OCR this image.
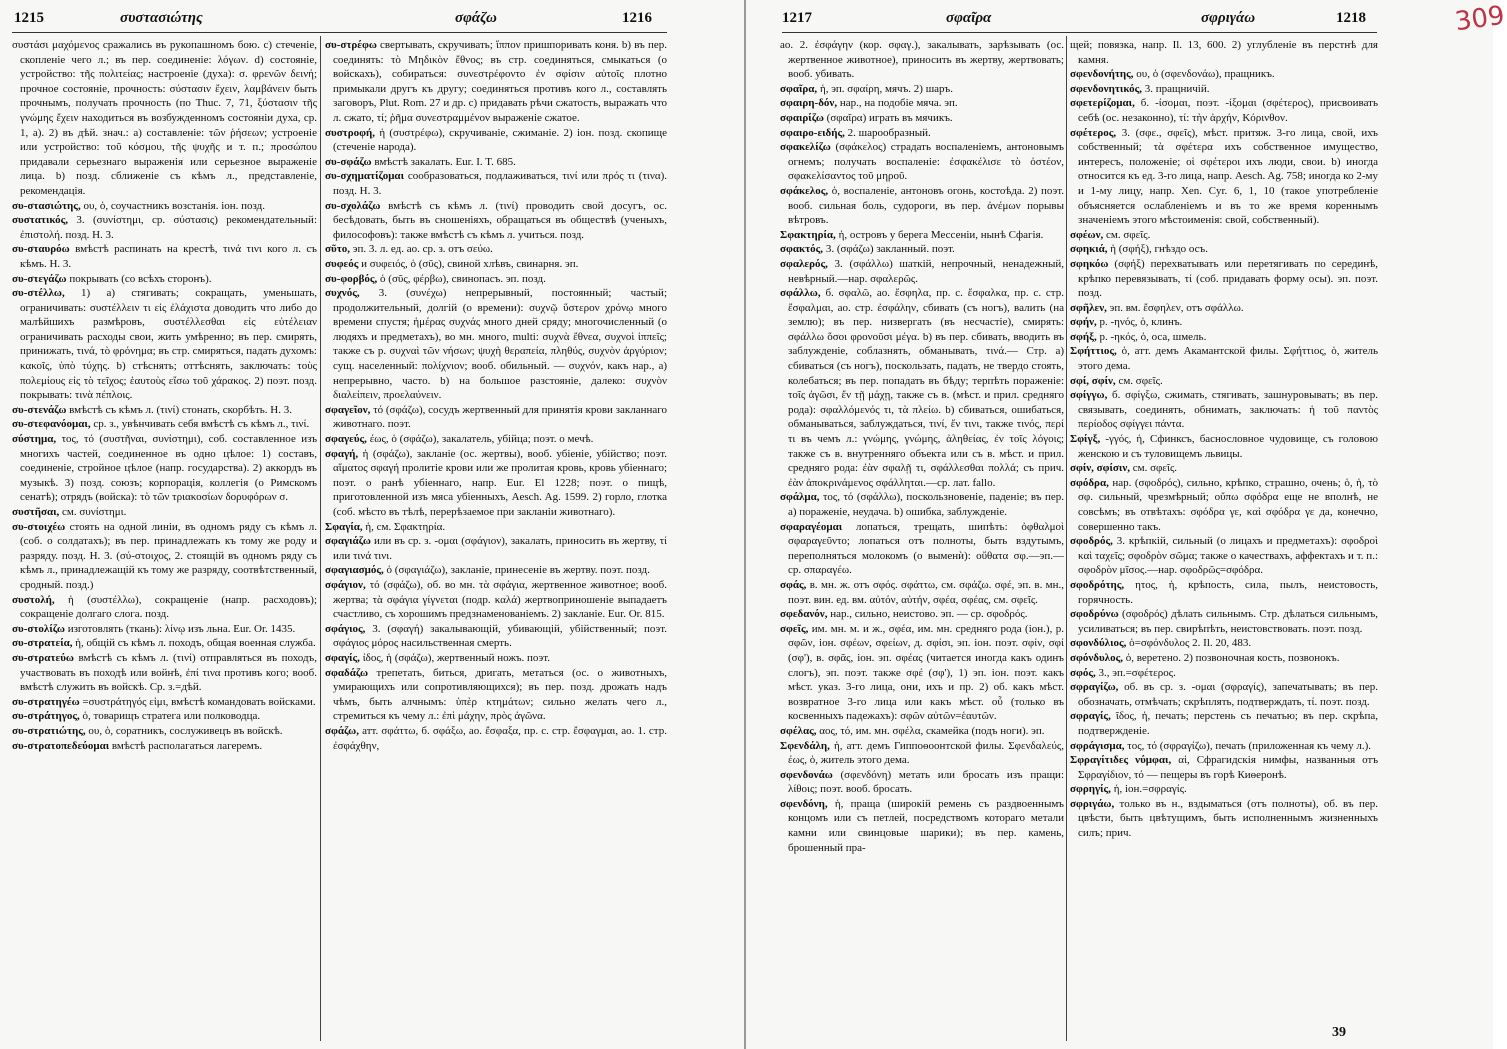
1215	συστασιώτης	σφάζω	1216

συστάσι μαχόμενος сражались въ рукопашномъ бою. c) стеченіе, скопленіе чего л.; въ пер. соединеніе: λόγων. d) состояніе, устройство: τῆς πολιτείας; настроеніе (духа): σ. φρενῶν δεινή; прочное состояніе, прочность: σύστασιν ἔχειν, λαμβάνειν быть прочнымъ, получать прочность (по Thuc. 7, 71, ξύστασιν τῆς γνώμης ἔχειν находиться въ возбужденномъ состояніи духа, ср. 1, a). 2) въ дѣй. знач.: a) составленіе: τῶν ῥήσεων; устроеніе или устройство: τοῦ κόσμου, τῆς ψυχῆς и т. п.; προσώπου придавали серьезнаго выраженія или серьезное выраженіе лица. b) позд. сближеніе съ кѣмъ л., представленіе, рекомендація.

συ-στασιώτης, ου, ὁ, соучастникъ возстанія. іон. позд.

συστατικός, 3. (συνίστημι, ср. σύστασις) рекомендательный: ἐπιστολή. позд. Н. 3.

συ-σταυρόω вмѣстѣ распинать на крестѣ, τινά τινι кого л. съ кѣмъ. Н. 3.

συ-στεγάζω покрывать (со всѣхъ сторонъ).

συ-στέλλω, 1) a) стягивать; сокращать, уменьшать, ограничивать: συστέλλειν τι εἰς ἐλάχιστα доводить что либо до малѣйшихъ размѣровъ, συστέλλεσθαι εἰς εὐτέλειαν ограничивать расходы свои, жить умѣренно; въ пер. смирять, принижать, τινά, τὸ φρόνημα; въ стр. смиряться, падать духомъ: κακοῖς, ὑπὸ τύχης. b) стѣснять; оттѣснять, заключать: τοὺς πολεμίους εἰς τὸ τεῖχος; ἑαυτοὺς εἴσω τοῦ χάρακος. 2) поэт. позд. покрывать: τινὰ πέπλοις.

συ-στενάζω вмѣстѣ съ кѣмъ л. (τινί) стонать, скорбѣть. Н. 3.

συ-στεφανόομαι, ср. з., увѣнчивать себя вмѣстѣ съ кѣмъ л., τινί.

σύστημα, τος, τό (συστῆναι, συνίστημι), соб. составленное изъ многихъ частей, соединенное въ одно цѣлое: 1) составъ, соединеніе, стройное цѣлое (напр. государства). 2) аккордъ въ музыкѣ. 3) позд. союзъ; корпорація, коллегія (о Римскомъ сенатѣ); отрядъ (войска): τὸ τῶν τριακοσίων δορυφόρων σ.

συστῆσαι, см. συνίστημι.

συ-στοιχέω стоять на одной линіи, въ одномъ ряду съ кѣмъ л. (соб. о солдатахъ); въ пер. принадлежать къ тому же роду и разряду. позд. Н. 3. (σύ-στοιχος, 2. стоящій въ одномъ ряду съ кѣмъ л., принадлежащій къ тому же разряду, соотвѣтственный, сродный. позд.)

συστολή, ἡ (συστέλλω), сокращеніе (напр. расходовъ); сокращеніе долгаго слога. позд.

συ-στολίζω изготовлять (ткань): λίνῳ изъ льна. Eur. Or. 1435.

συ-στρατεία, ἡ, общій съ кѣмъ л. походъ, общая военная служба.

συ-στρατεύω вмѣстѣ съ кѣмъ л. (τινί) отправляться въ походъ, участвовать въ походѣ или войнѣ, ἐπί τινα противъ кого; вооб. вмѣстѣ служить въ войскѣ. Ср. з.=дѣй.

συ-στρατηγέω =συστράτηγός εἰμι, вмѣстѣ командовать войсками.

συ-στράτηγος, ὁ, товарищъ стратега или полководца.

συ-στρατιώτης, ου, ὁ, соратникъ, сослуживецъ въ войскѣ.

συ-στρατοπεδεύομαι вмѣстѣ располагаться лагеремъ.

συ-στρέφω свертывать, скручивать; ἵππον пришпоривать коня. b) въ пер. соединять: τὸ Μηδικὸν ἔθνος; въ стр. соединяться, смыкаться (о войскахъ), собираться: συνεστρέφοντο ἐν σφίσιν αὐτοῖς плотно примыкали другъ къ другу; соединяться противъ кого л., составлять заговоръ, Plut. Rom. 27 и др. c) придавать рѣчи сжатость, выражать что л. сжато, τί; ῥῆμα συνεστραμμένον выраженіе сжатое.

συστροφή, ἡ (συστρέφω), скручиваніе, сжиманіе. 2) іон. позд. скопище (стеченіе народа).

συ-σφάζω вмѣстѣ закалать. Eur. I. T. 685.

συ-σχηματίζομαι сообразоваться, подлаживаться, τινί или πρός τι (τινα). позд. Н. 3.

συ-σχολάζω вмѣстѣ съ кѣмъ л. (τινί) проводить свой досугъ, ос. бесѣдовать, быть въ сношеніяхъ, обращаться въ обществѣ (ученыхъ, философовъ): также вмѣстѣ съ кѣмъ л. учиться. позд.

σῦτο, эп. 3. л. ед. ао. ср. з. отъ σεύω.

συφεός и συφειός, ὁ (σῦς), свиной хлѣвъ, свинарня. эп.

συ-φορβός, ὁ (σῦς, φέρβω), свинопасъ. эп. позд.

συχνός, 3. (συνέχω) непрерывный, постоянный; частый; продолжительный, долгій (о времени): συχνῷ ὕστερον χρόνῳ много времени спустя; ἡμέρας συχνάς много дней сряду; многочисленный (о людяхъ и предметахъ), во мн. много, multi: συχνὰ ἔθνεα, συχνοὶ ἱππεῖς; также съ р. συχναὶ τῶν νήσων; ψυχὴ θεραπεία, πληθύς, συχνὸν ἀργύριον; сущ. населенный: πολίχνιον; вооб. обильный. — συχνόν, какъ нар., a) непрерывно, часто. b) на большое разстояніе, далеко: συχνὸν διαλείπειν, προελαύνειν.

σφαγεῖον, τό (σφάζω), сосудъ жертвенный для принятія крови закланнаго животнаго. поэт.

σφαγεύς, έως, ὁ (σφάζω), закалатель, убійца; поэт. о мечѣ.

σφαγή, ἡ (σφάζω), закланіе (ос. жертвы), вооб. убіеніе, убійство; поэт. αἵματος σφαγή пролитіе крови или же пролитая кровь, кровь убіеннаго; поэт. о ранѣ убіеннаго, напр. Eur. El 1228; поэт. о пищѣ, приготовленной изъ мяса убіенныхъ, Aesch. Ag. 1599. 2) горло, глотка (соб. мѣсто въ тѣлѣ, перерѣзаемое при закланіи животнаго).

Σφαγία, ἡ, см. Σφακτηρία.

σφαγιάζω или въ ср. з. -ομαι (σφάγιον), закалать, приносить въ жертву, τί или τινά τινι.

σφαγιασμός, ὁ (σφαγιάζω), закланіе, принесеніе въ жертву. поэт. позд.

σφάγιον, τό (σφάζω), об. во мн. τὰ σφάγια, жертвенное животное; вооб. жертва; τὰ σφάγια γίγνεται (подр. καλά) жертвоприношеніе выпадаетъ счастливо, съ хорошимъ предзнаменованіемъ. 2) закланіе. Eur. Or. 815.

σφάγιος, 3. (σφαγή) закалывающій, убивающій, убійственный; поэт. σφάγιος μόρος насильственная смерть.

σφαγίς, ίδος, ἡ (σφάζω), жертвенный ножъ. поэт.

σφαδάζω трепетать, биться, дригать, метаться (ос. о животныхъ, умирающихъ или сопротивляющихся); въ пер. позд. дрожать надъ чѣмъ, быть алчнымъ: ὑπὲρ κτημάτων; сильно желать чего л., стремиться къ чему л.: ἐπὶ μάχην, πρὸς ἀγῶνα.

σφάζω, атт. σφάττω, б. σφάξω, ао. ἔσφαξα, пр. с. стр. ἔσφαγμαι, ао. 1. стр. ἐσφάχθην,

1217	σφαῖρα	σφριγάω	1218

ао. 2. ἐσφάγην (кор. σφαγ.), закалывать, зарѣзывать (ос. жертвенное животное), приносить въ жертву, жертвовать; вооб. убивать.

σφαῖρα, ἡ, эп. σφαίρη, мячъ. 2) шаръ.

σφαιρη-δόν, нар., на подобіе мяча. эп.

σφαιρίζω (σφαῖρα) играть въ мячикъ.

σφαιρο-ειδής, 2. шарообразный.

σφακελίζω (σφάκελος) страдать воспаленіемъ, антоновымъ огнемъ; получать воспаленіе: ἐσφακέλισε τὸ ὀστέον, σφακελίσαντος τοῦ μηροῦ.

σφάκελος, ὁ, воспаленіе, антоновъ огонь, костоѣда. 2) поэт. вооб. сильная боль, судороги, въ пер. ἀνέμων порывы вѣтровъ.

Σφακτηρία, ἡ, островъ у берега Мессеніи, нынѣ Сфагія.

σφακτός, 3. (σφάζω) закланный. поэт.

σφαλερός, 3. (σφάλλω) шаткій, непрочный, ненадежный, невѣрный.—нар. σφαλερῶς.

σφάλλω, б. σφαλῶ, ао. ἔσφηλα, пр. с. ἔσφαλκα, пр. с. стр. ἔσφαλμαι, ао. стр. ἐσφάλην, сбивать (съ ногъ), валить (на землю); въ пер. низвергать (въ несчастіе), смирять: σφάλλω ὅσοι φρονοῦσι μέγα. b) въ пер. сбивать, вводить въ заблужденіе, соблазнять, обманывать, τινά.— Стр. a) сбиваться (съ ногъ), поскользать, падать, не твердо стоять, колебаться; въ пер. попадать въ бѣду; терпѣть пораженіе: τοῖς ἀγῶσι, ἔν τῇ μάχῃ, также съ в. (мѣст. и прил. средняго рода): σφαλλόμενός τι, τὰ πλείω. b) сбиваться, ошибаться, обманываться, заблуждаться, τινί, ἔν τινι, также τινός, περί τι въ чемъ л.: γνώμης, γνώμης, ἀληθείας, ἐν τοῖς λόγοις; также съ в. внутренняго объекта или съ в. мѣст. и прил. средняго рода: ἐὰν σφαλῇ τι, σφάλλεσθαι πολλά; съ прич. ἐὰν ἀποκρινάμενος σφάλληται.—ср. лат. fallo.

σφάλμα, τος, τό (σφάλλω), поскользновеніе, паденіе; въ пер. a) пораженіе, неудача. b) ошибка, заблужденіе.

σφαραγέομαι лопаться, трещать, шипѣть: ὀφθαλμοὶ σφαραγεῦντο; лопаться отъ полноты, быть вздутымъ, переполняться молокомъ (о выменѝ): οὔθατα σφ.—эп.—ср. σπαραγέω.

σφάς, в. мн. ж. отъ σφός. σφάττω, см. σφάζω. σφέ, эп. в. мн., поэт. вин. ед. вм. αὐτόν, αὐτήν, σφέα, σφέας, см. σφεῖς.

σφεδανόν, нар., сильно, неистово. эп. — ср. σφοδρός.

σφεῖς, им. мн. м. и ж., σφέα, им. мн. средняго рода (іон.), р. σφῶν, іон. σφέων, σφείων, д. σφίσι, эп. іон. поэт. σφίν, σφί (σφ'), в. σφᾶς, іон. эп. σφέας (читается иногда какъ одинъ слогъ), эп. поэт. также σφέ (σφ'), 1) эп. іон. поэт. какъ мѣст. указ. 3-го лица, они, ихъ и пр. 2) об. какъ мѣст. возвратное 3-го лица или какъ мѣст. οὗ (только въ косвенныхъ падежахъ): σφῶν αὐτῶν=ἑαυτῶν.

σφέλας, αος, τό, им. мн. σφέλα, скамейка (подъ ноги). эп.

Σφενδάλη, ἡ, атт. демъ Гиппоѳоонтской филы. Σφενδαλεύς, έως, ὁ, житель этого дема.

σφενδονάω (σφενδόνη) метать или бросать изъ пращи: λίθοις; поэт. вооб. бросать.

σφενδόνη, ἡ, праща (широкій ремень съ раздвоеннымъ концомъ или съ петлей, посредствомъ котораго метали камни или свинцовые шарики); въ пер. камень, брошенный пра-

щей; повязка, напр. Il. 13, 600. 2) углубленіе въ перстнѣ для камня.

σφενδονήτης, ου, ὁ (σφενδονάω), пращникъ.

σφενδονητικός, 3. пращничій.

σφετερίζομαι, б. -ίσομαι, поэт. -ίξομαι (σφέτερος), присвоивать себѣ (ос. незаконно), τί: τὴν ἀρχήν, Κόρινθον.

σφέτερος, 3. (σφε., σφεῖς), мѣст. притяж. 3-го лица, свой, ихъ собственный; τὰ σφέτερα ихъ собственное имущество, интересъ, положеніе; οἱ σφέτεροι ихъ люди, свои. b) иногда относится къ ед. 3-го лица, напр. Aesch. Ag. 758; иногда ко 2-му и 1-му лицу, напр. Xen. Cyr. 6, 1, 10 (такое употребленіе объясняется ослабленіемъ и въ то же время кореннымъ значеніемъ этого мѣстоименія: свой, собственный).

σφέων, см. σφεῖς.

σφηκιά, ἡ (σφήξ), гнѣздо осъ.

σφηκόω (σφήξ) перехватывать или перетягивать по серединѣ, крѣпко перевязывать, τί (соб. придавать форму осы). эп. поэт. позд.

σφῆλεν, эп. вм. ἔσφηλεν, отъ σφάλλω.

σφήν, р. -ηνός, ὁ, клинъ.

σφήξ, р. -ηκός, ὁ, оса, шмель.

Σφήττιος, ὁ, атт. демъ Акамантской филы. Σφήττιος, ὁ, житель этого дема.

σφί, σφίν, см. σφεῖς.

σφίγγω, б. σφίγξω, сжимать, стягивать, зашнуровывать; въ пер. связывать, соединять, обнимать, заключать: ἡ τοῦ παντὸς περίοδος σφίγγει πάντα.

Σφίγξ, -γγός, ἡ, Сфинксъ, баснословное чудовище, съ головою женскою и съ туловищемъ львицы.

σφίν, σφίσιν, см. σφεῖς.

σφόδρα, нар. (σφοδρός), сильно, крѣпко, страшно, очень; ὁ, ἡ, τὸ σφ. сильный, чрезмѣрный; οὔπω σφόδρα еще не вполнѣ, не совсѣмъ; въ отвѣтахъ: σφόδρα γε, καὶ σφόδρα γε да, конечно, совершенно такъ.

σφοδρός, 3. крѣпкій, сильный (о лицахъ и предметахъ): σφοδροὶ καὶ ταχεῖς; σφοδρὸν σῶμα; также о качествахъ, аффектахъ и т. п.: σφοδρὸν μῖσος.—нар. σφοδρῶς=σφόδρα.

σφοδρότης, ητος, ἡ, крѣпость, сила, пылъ, неистовость, горячность.

σφοδρύνω (σφοδρός) дѣлать сильнымъ. Стр. дѣлаться сильнымъ, усиливаться; въ пер. свирѣпѣть, неистовствовать. поэт. позд.

σφονδύλιος, ὁ=σφόνδυλος 2. Il. 20, 483.

σφόνδυλος, ὁ, веретено. 2) позвоночная кость, позвонокъ.

σφός, 3., эп.=σφέτερος.

σφραγίζω, об. въ ср. з. -ομαι (σφραγίς), запечатывать; въ пер. обозначать, отмѣчать; скрѣплять, подтверждать, τί. поэт. позд.

σφραγίς, ῖδος, ἡ, печать; перстень съ печатью; въ пер. скрѣпа, подтвержденіе.

σφράγισμα, τος, τό (σφραγίζω), печать (приложенная къ чему л.).

Σφραγίτιδες νύμφαι, αἱ, Сфрагидскія нимфы, названныя отъ Σφραγίδιον, τό — пещеры въ горѣ Киѳеронѣ.

σφρηγίς, ἡ, іон.=σφραγίς.

σφριγάω, только въ н., вздыматься (отъ полноты), об. въ пер. цвѣсти, быть цвѣтущимъ, быть исполненнымъ жизненныхъ силъ; прич.

39
309
